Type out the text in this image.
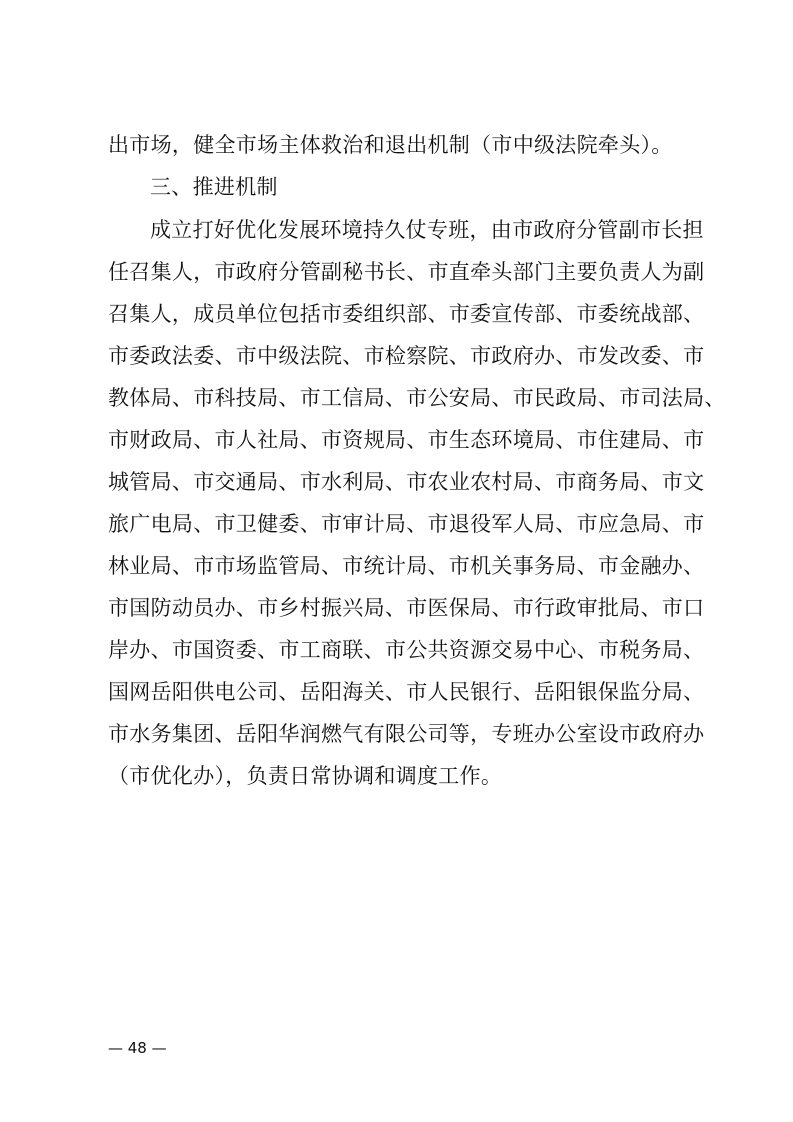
出市场，健全市场主体救治和退出机制（市中级法院牵头）。
三、推进机制
成立打好优化发展环境持久仗专班，由市政府分管副市长担
任召集人，市政府分管副秘书长、市直牵头部门主要负责人为副
召集人，成员单位包括市委组织部、市委宣传部、市委统战部、
市委政法委、市中级法院、市检察院、市政府办、市发改委、市
教体局、市科技局、市工信局、市公安局、市民政局、市司法局、
市财政局、市人社局、市资规局、市生态环境局、市住建局、市
城管局、市交通局、市水利局、市农业农村局、市商务局、市文
旅广电局、市卫健委、市审计局、市退役军人局、市应急局、市
林业局、市市场监管局、市统计局、市机关事务局、市金融办、
市国防动员办、市乡村振兴局、市医保局、市行政审批局、市口
岸办、市国资委、市工商联、市公共资源交易中心、市税务局、
国网岳阳供电公司、岳阳海关、市人民银行、岳阳银保监分局、
市水务集团、岳阳华润燃气有限公司等，专班办公室设市政府办
（市优化办），负责日常协调和调度工作。
— 48 —
